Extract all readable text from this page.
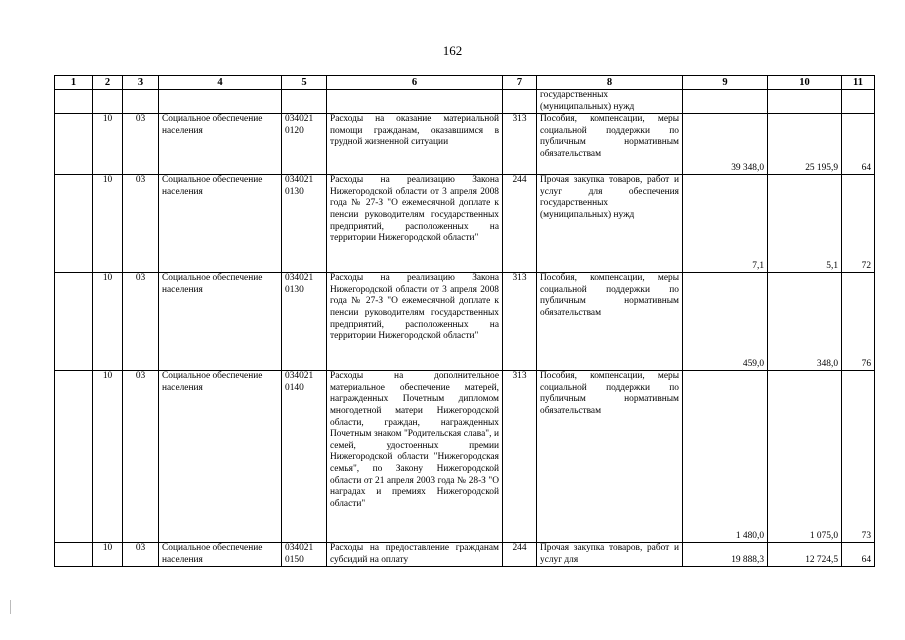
162
1	2	3	4	5	6	7	8	9	10	11
							государственных (муниципальных) нужд			
	10	03	Социальное обеспечение населения	034021 0120	Расходы на оказание материальной помощи гражданам, оказавшимся в трудной жизненной ситуации	313	Пособия, компенсации, меры социальной поддержки по публичным нормативным обязательствам	39 348,0	25 195,9	64
	10	03	Социальное обеспечение населения	034021 0130	Расходы на реализацию Закона Нижегородской области от 3 апреля 2008 года № 27-З "О ежемесячной доплате к пенсии руководителям государственных предприятий, расположенных на территории Нижегородской области"	244	Прочая закупка товаров, работ и услуг для обеспечения государственных (муниципальных) нужд	7,1	5,1	72
	10	03	Социальное обеспечение населения	034021 0130	Расходы на реализацию Закона Нижегородской области от 3 апреля 2008 года № 27-З "О ежемесячной доплате к пенсии руководителям государственных предприятий, расположенных на территории Нижегородской области"	313	Пособия, компенсации, меры социальной поддержки по публичным нормативным обязательствам	459,0	348,0	76
	10	03	Социальное обеспечение населения	034021 0140	Расходы на дополнительное материальное обеспечение матерей, награжденных Почетным дипломом многодетной матери Нижегородской области, граждан, награжденных Почетным знаком "Родительская слава", и семей, удостоенных премии Нижегородской области "Нижегородская семья", по Закону Нижегородской области от 21 апреля 2003 года № 28-З "О наградах и премиях Нижегородской области"	313	Пособия, компенсации, меры социальной поддержки по публичным нормативным обязательствам	1 480,0	1 075,0	73
	10	03	Социальное обеспечение населения	034021 0150	Расходы на предоставление гражданам субсидий на оплату	244	Прочая закупка товаров, работ и услуг для	19 888,3	12 724,5	64
